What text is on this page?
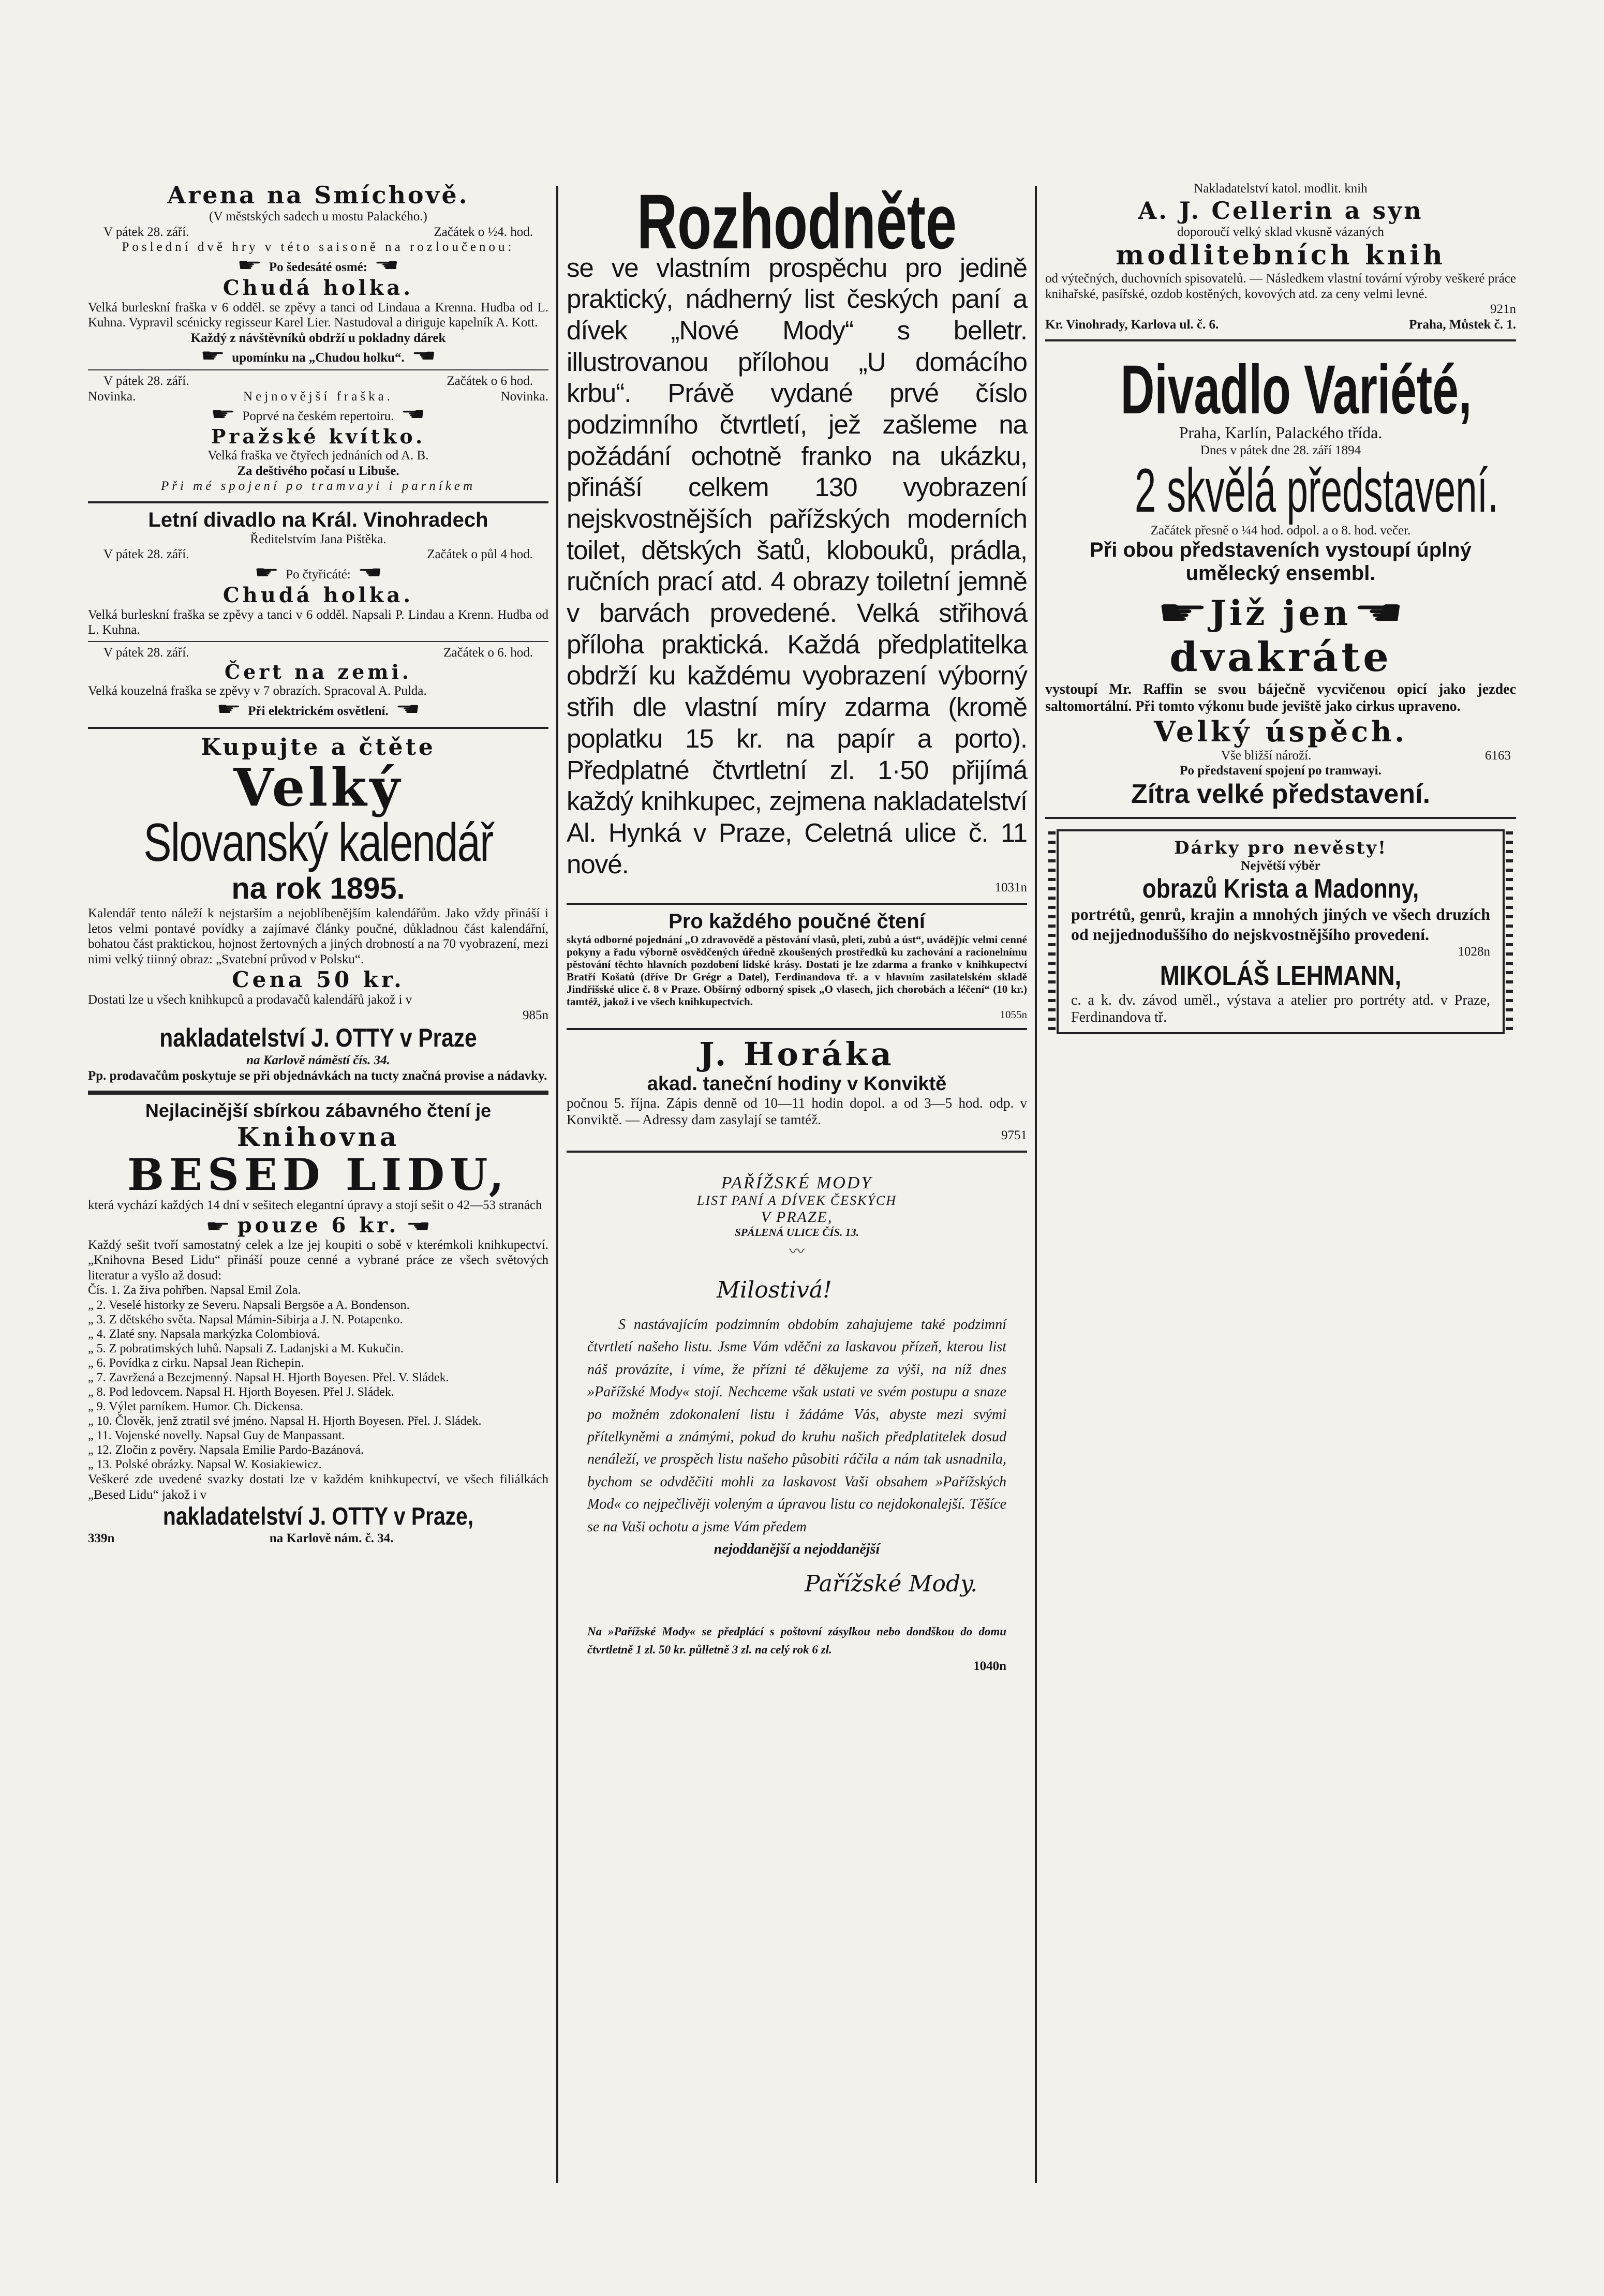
Arena na Smíchově.
(V městských sadech u mostu Palackého.)
V pátek 28. září.	Začátek o ½4. hod.
Poslední dvě hry v této saisoně na rozloučenou:
☛ Po šedesáté osmé: ☚
Chudá holka.
Velká burleskní fraška v 6 odděl. se zpěvy a tanci od Lindaua a Krenna. Hudba od L. Kuhna. Vypravil scénicky regisseur Karel Lier. Nastudoval a diriguje kapelník A. Kott.
Každý z návštěvníků obdrží u pokladny dárek
☛ upomínku na „Chudou holku“. ☚
V pátek 28. září.	Začátek o 6 hod.
Novinka.	Nejnovější fraška.	Novinka.
☛ Poprvé na českém repertoiru. ☚
Pražské kvítko.
Velká fraška ve čtyřech jednáních od A. B.
Za deštivého počasí u Libuše.
Při mé spojení po tramvayi i parníkem
Letní divadlo na Král. Vinohradech
Ředitelstvím Jana Pištěka.
V pátek 28. září.	Začátek o půl 4 hod.
☛ Po čtyřicáté: ☚
Chudá holka.
Velká burleskní fraška se zpěvy a tanci v 6 odděl. Napsali P. Lindau a Krenn. Hudba od L. Kuhna.
V pátek 28. září.	Začátek o 6. hod.
Čert na zemi.
Velká kouzelná fraška se zpěvy v 7 obrazích. Spracoval A. Pulda.
☛ Při elektrickém osvětlení. ☚
Kupujte a čtěte
Velký
Slovanský kalendář
na rok 1895.
Kalendář tento náleží k nejstarším a nejoblíbenějším kalendářům. Jako vždy přináší i letos velmi pontavé povídky a zajímavé články poučné, důkladnou část kalendářní, bohatou část praktickou, hojnost žertovných a jiných drobností a na 70 vyobrazení, mezi nimi velký tiinný obraz: „Svatební průvod v Polsku“.
Cena 50 kr.
Dostati lze u všech knihkupců a prodavačů kalendářů jakož i v
985n
nakladatelství J. OTTY v Praze
na Karlově náměstí čís. 34.
Pp. prodavačům poskytuje se při objednávkách na tucty značná provise a nádavky.
Nejlacinější sbírkou zábavného čtení je
Knihovna
BESED LIDU,
která vychází každých 14 dní v sešitech elegantní úpravy a stojí sešit o 42—53 stranách
☛ pouze 6 kr. ☚
Každý sešit tvoří samostatný celek a lze jej koupiti o sobě v kterémkoli knihkupectví. „Knihovna Besed Lidu“ přináší pouze cenné a vybrané práce ze všech světových literatur a vyšlo až dosud:
Čís. 1. Za živa pohřben. Napsal Emil Zola.
„ 2. Veselé historky ze Severu. Napsali Bergsöe a A. Bondenson.
„ 3. Z dětského světa. Napsal Mámin-Sibirja a J. N. Potapenko.
„ 4. Zlaté sny. Napsala markýzka Colombiová.
„ 5. Z pobratimských luhů. Napsali Z. Ladanjski a M. Kukučin.
„ 6. Povídka z cirku. Napsal Jean Richepin.
„ 7. Zavržená a Bezejmenný. Napsal H. Hjorth Boyesen. Přel. V. Sládek.
„ 8. Pod ledovcem. Napsal H. Hjorth Boyesen. Přel J. Sládek.
„ 9. Výlet parníkem. Humor. Ch. Dickensa.
„ 10. Člověk, jenž ztratil své jméno. Napsal H. Hjorth Boyesen. Přel. J. Sládek.
„ 11. Vojenské novelly. Napsal Guy de Manpassant.
„ 12. Zločin z pověry. Napsala Emilie Pardo-Bazánová.
„ 13. Polské obrázky. Napsal W. Kosiakiewicz.
Veškeré zde uvedené svazky dostati lze v každém knihkupectví, ve všech filiálkách „Besed Lidu“ jakož i v
nakladatelství J. OTTY v Praze,
339n	na Karlově nám. č. 34.
Rozhodněte
se ve vlastním prospěchu pro jedině praktický, nádherný list českých paní a dívek „Nové Mody“ s belletr. illustrovanou přílohou „U domácího krbu“. Právě vydané prvé číslo podzimního čtvrtletí, jež zašleme na požádání ochotně franko na ukázku, přináší celkem 130 vyobrazení nejskvostnějších pařížských moderních toilet, dětských šatů, klobouků, prádla, ručních prací atd. 4 obrazy toiletní jemně v barvách provedené. Velká střihová příloha praktická. Každá předplatitelka obdrží ku každému vyobrazení výborný střih dle vlastní míry zdarma (kromě poplatku 15 kr. na papír a porto). Předplatné čtvrtletní zl. 1·50 přijímá každý knihkupec, zejmena nakladatelství Al. Hynká v Praze, Celetná ulice č. 11 nové.
1031n
Pro každého poučné čtení
skytá odborné pojednání „O zdravovědě a pěstování vlasů, pleti, zubů a úst“, uváděj)íc velmi cenné pokyny a řadu výborně osvědčených úředně zkoušených prostředků ku zachování a racionelnímu pěstování těchto hlavních pozdobení lidské krásy. Dostati je lze zdarma a franko v knihkupectví Bratří Košatů (dříve Dr Grégr a Datel), Ferdinandova tř. a v hlavním zasilatelském skladě Jindřišské ulice č. 8 v Praze. Obšírný odborný spisek „O vlasech, jich chorobách a léčení“ (10 kr.) tamtéž, jakož i ve všech knihkupectvích.
1055n
J. Horáka
akad. taneční hodiny v Konviktě
počnou 5. října. Zápis denně od 10—11 hodin dopol. a od 3—5 hod. odp. v Konviktě. — Adressy dam zasylají se tamtéž.
9751
PAŘÍŽSKÉ MODY
LIST PANÍ A DÍVEK ČESKÝCH
V PRAZE,
SPÁLENÁ ULICE ČÍS. 13.
〰
Milostivá!
S nastávajícím podzimním obdobím zahajujeme také podzimní čtvrtletí našeho listu. Jsme Vám vděčni za laskavou přízeň, kterou list náš provázíte, i víme, že přízni té děkujeme za výši, na níž dnes »Pařížské Mody« stojí. Nechceme však ustati ve svém postupu a snaze po možném zdokonalení listu i žádáme Vás, abyste mezi svými přítelkyněmi a známými, pokud do kruhu našich předplatitelek dosud nenáleží, ve prospěch listu našeho působiti ráčila a nám tak usnadnila, bychom se odvděčiti mohli za laskavost Vaši obsahem »Pařížských Mod« co nejpečlivěji voleným a úpravou listu co nejdokonalejší. Těšíce se na Vaši ochotu a jsme Vám předem
nejoddanější a nejoddanější
Pařížské Mody.
Na »Pařížské Mody« se předplácí s poštovní zásylkou nebo dondškou do domu čtvrtletně 1 zl. 50 kr. půlletně 3 zl. na celý rok 6 zl.
1040n
Nakladatelství katol. modlit. knih
A. J. Cellerin a syn
doporoučí velký sklad vkusně vázaných
modlitebních knih
od výtečných, duchovních spisovatelů. — Následkem vlastní tovární výroby veškeré práce knihařské, pasířské, ozdob kostěných, kovových atd. za ceny velmi levné.
921n
Kr. Vinohrady, Karlova ul. č. 6.	Praha, Můstek č. 1.
Divadlo Variété,
Praha, Karlín, Palackého třída.
Dnes v pátek dne 28. září 1894
2 skvělá představení.
Začátek přesně o ¼4 hod. odpol. a o 8. hod. večer.
Při obou představeních vystoupí úplný umělecký ensembl.
☛Již jen☚
dvakráte
vystoupí Mr. Raffin se svou báječně vycvičenou opicí jako jezdec saltomortální. Při tomto výkonu bude jeviště jako cirkus upraveno.
Velký úspěch.
Vše bližší nároží.	6163
Po představení spojení po tramwayi.
Zítra velké představení.
Dárky pro nevěsty!
Největší výběr
obrazů Krista a Madonny,
portrétů, genrů, krajin a mnohých jiných ve všech druzích od nejjednoduššího do nejskvostnějšího provedení.
1028n
MIKOLÁŠ LEHMANN,
c. a k. dv. závod uměl., výstava a atelier pro portréty atd. v Praze, Ferdinandova tř.
